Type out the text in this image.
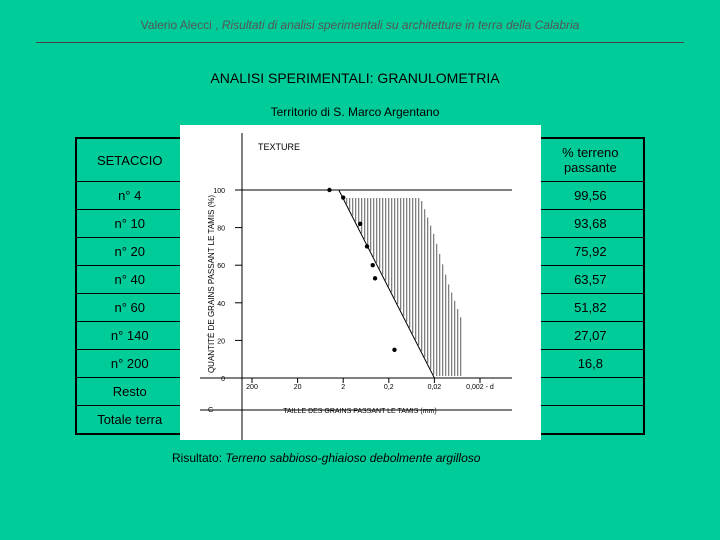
Valerio Alecci , Risultati di analisi sperimentali su architetture in terra della Calabria
ANALISI SPERIMENTALI: GRANULOMETRIA
Territorio di S. Marco Argentano
SETACCIO		% terreno passante
n° 4		99,56
n° 10		93,68
n° 20		75,92
n° 40		63,57
n° 60		51,82
n° 140		27,07
n° 200		16,8
Resto		
Totale terra		
TEXTURE
0
20
40
60
80
100
QUANTITÉ DE GRAINS PASSANT LE TAMIS (%)
200	20	2	0,2	0,02	0,002 - d
G	TAILLE DES GRAINS PASSANT LE TAMIS (mm)
Risultato: Terreno sabbioso-ghiaioso debolmente argilloso
